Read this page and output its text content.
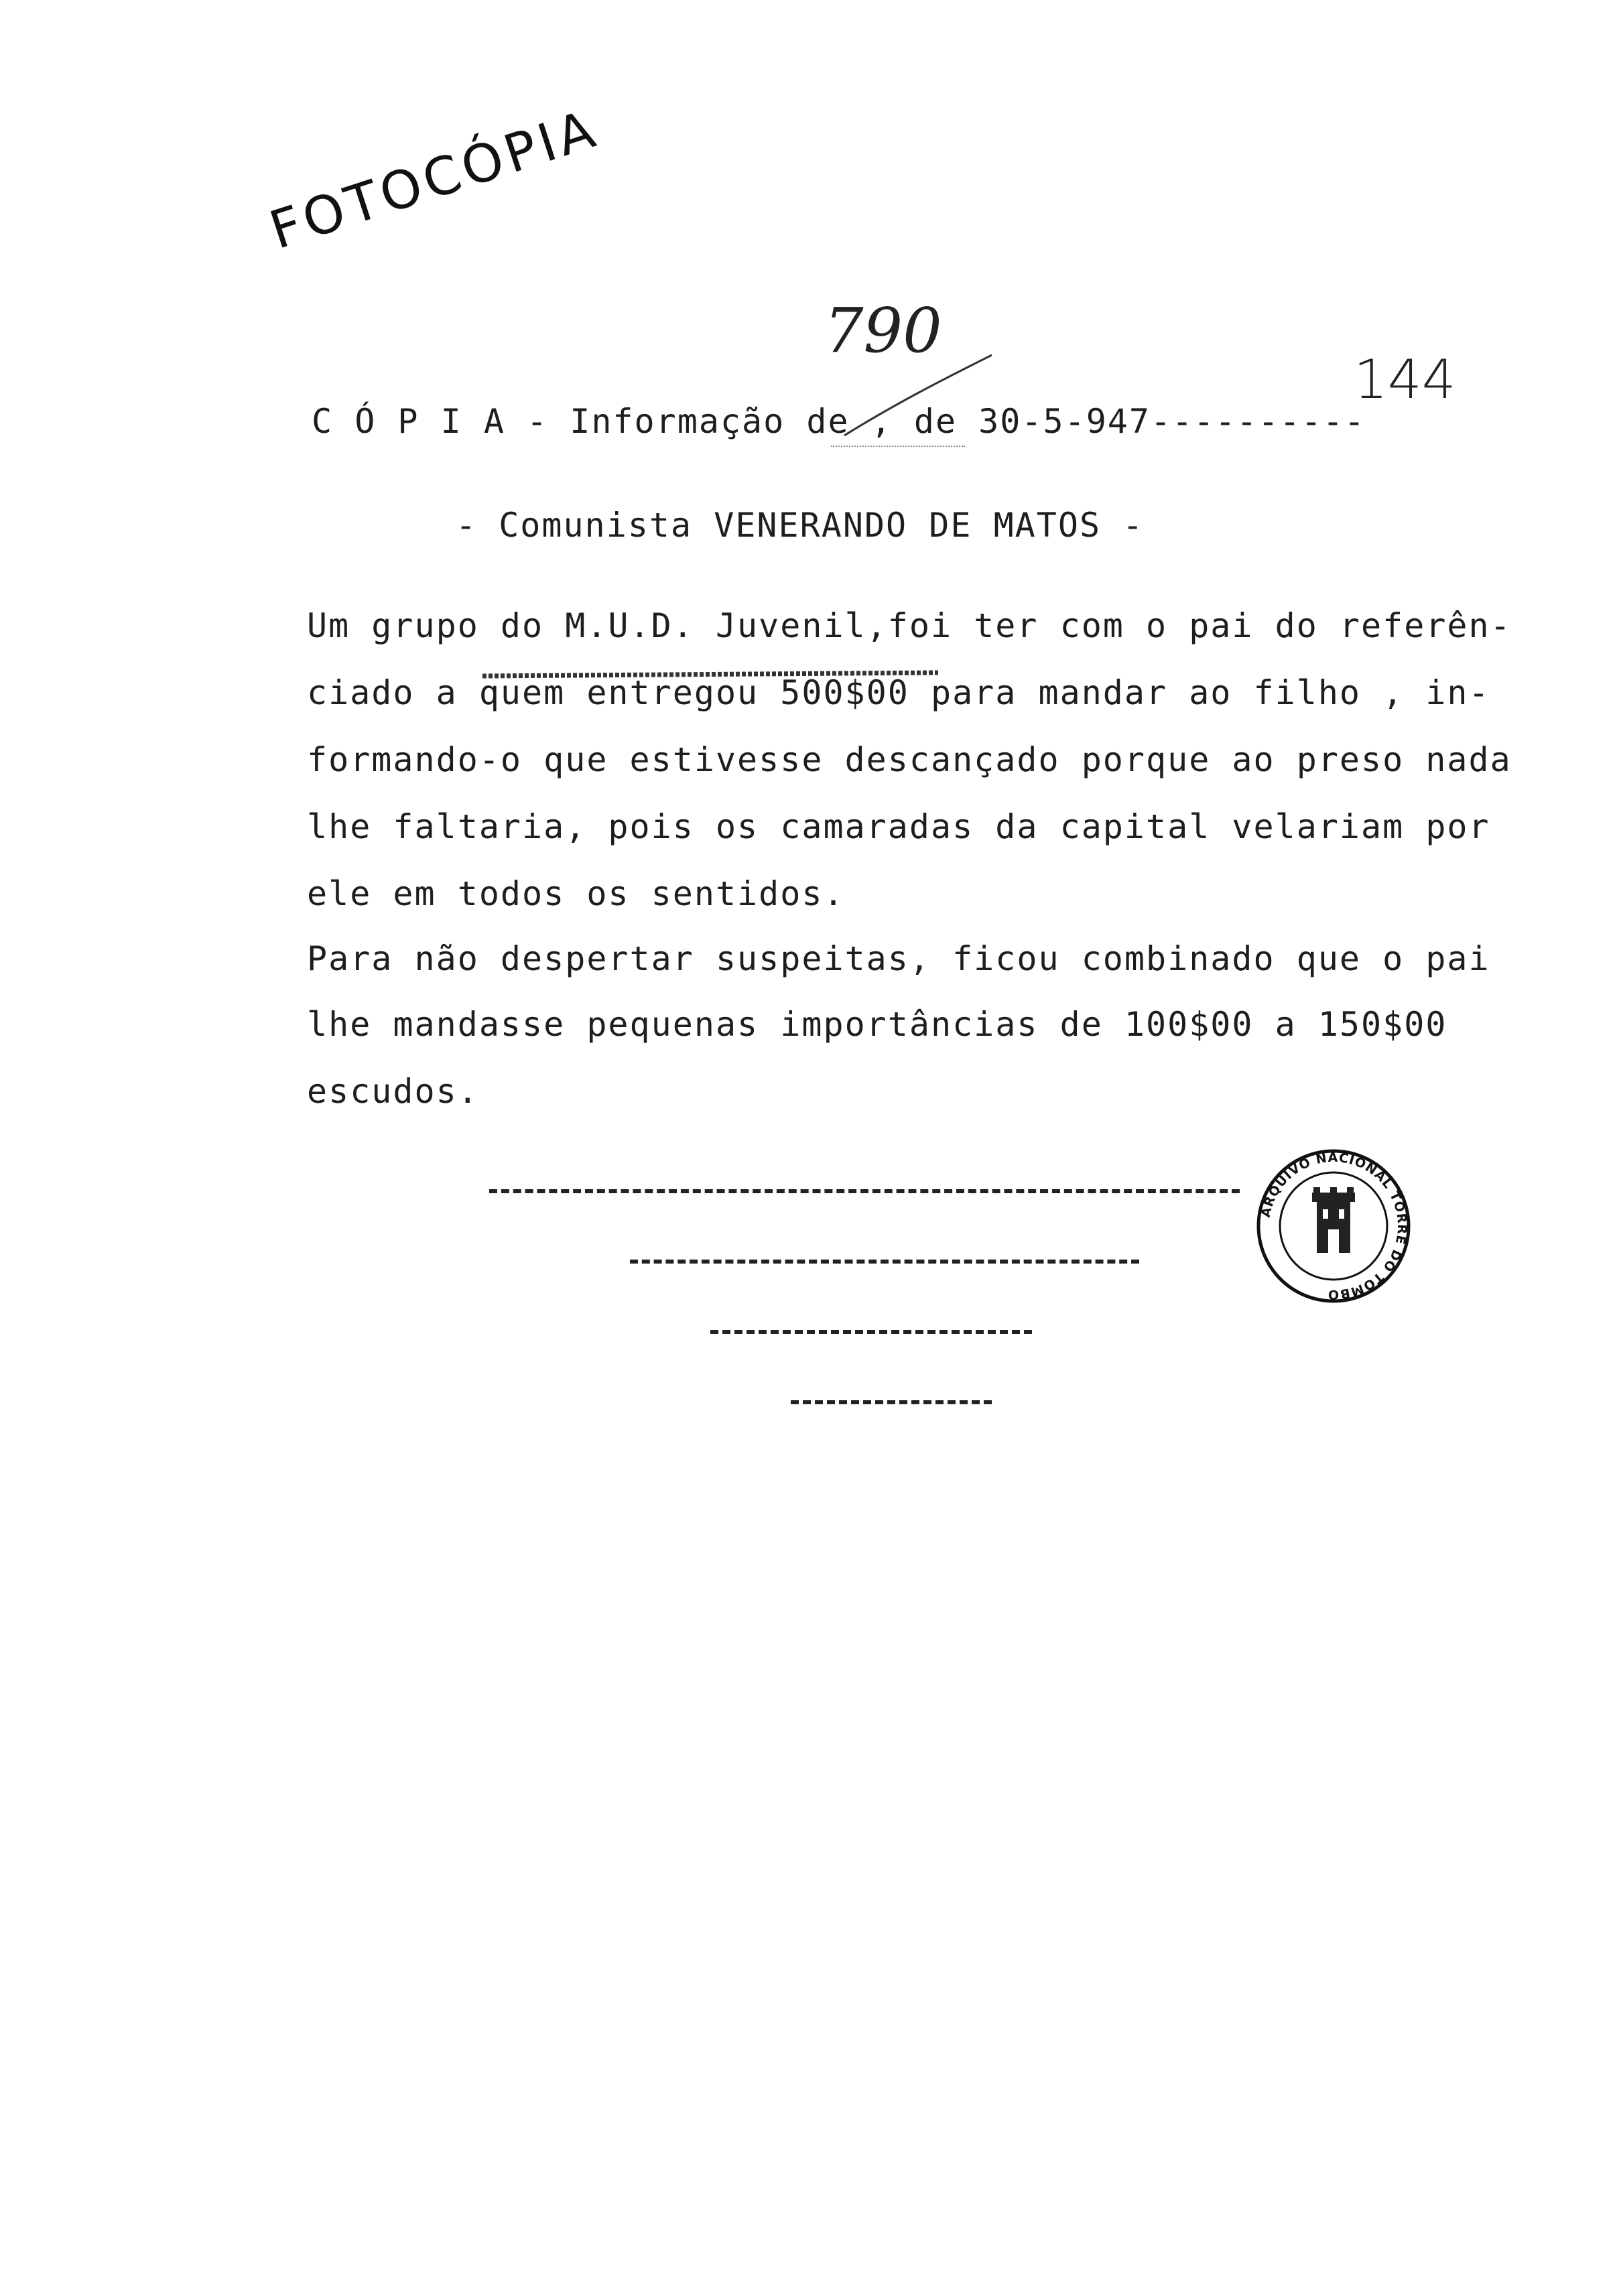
FOTOCÓPIA
790
144
C Ó P I A - Informação de , de 30-5-947----------
- Comunista VENERANDO DE MATOS -
Um grupo do M.U.D. Juvenil,foi ter com o pai do referên-
ciado a quem entregou 500$00 para mandar ao filho , in-
formando-o que estivesse descançado porque ao preso nada
lhe faltaria, pois os camaradas da capital velariam por
ele em todos os sentidos.
Para não despertar suspeitas, ficou combinado que o pai
lhe mandasse pequenas importâncias de 100$00 a 150$00
escudos.
ARQUIVO NACIONAL TORRE DO TOMBO
